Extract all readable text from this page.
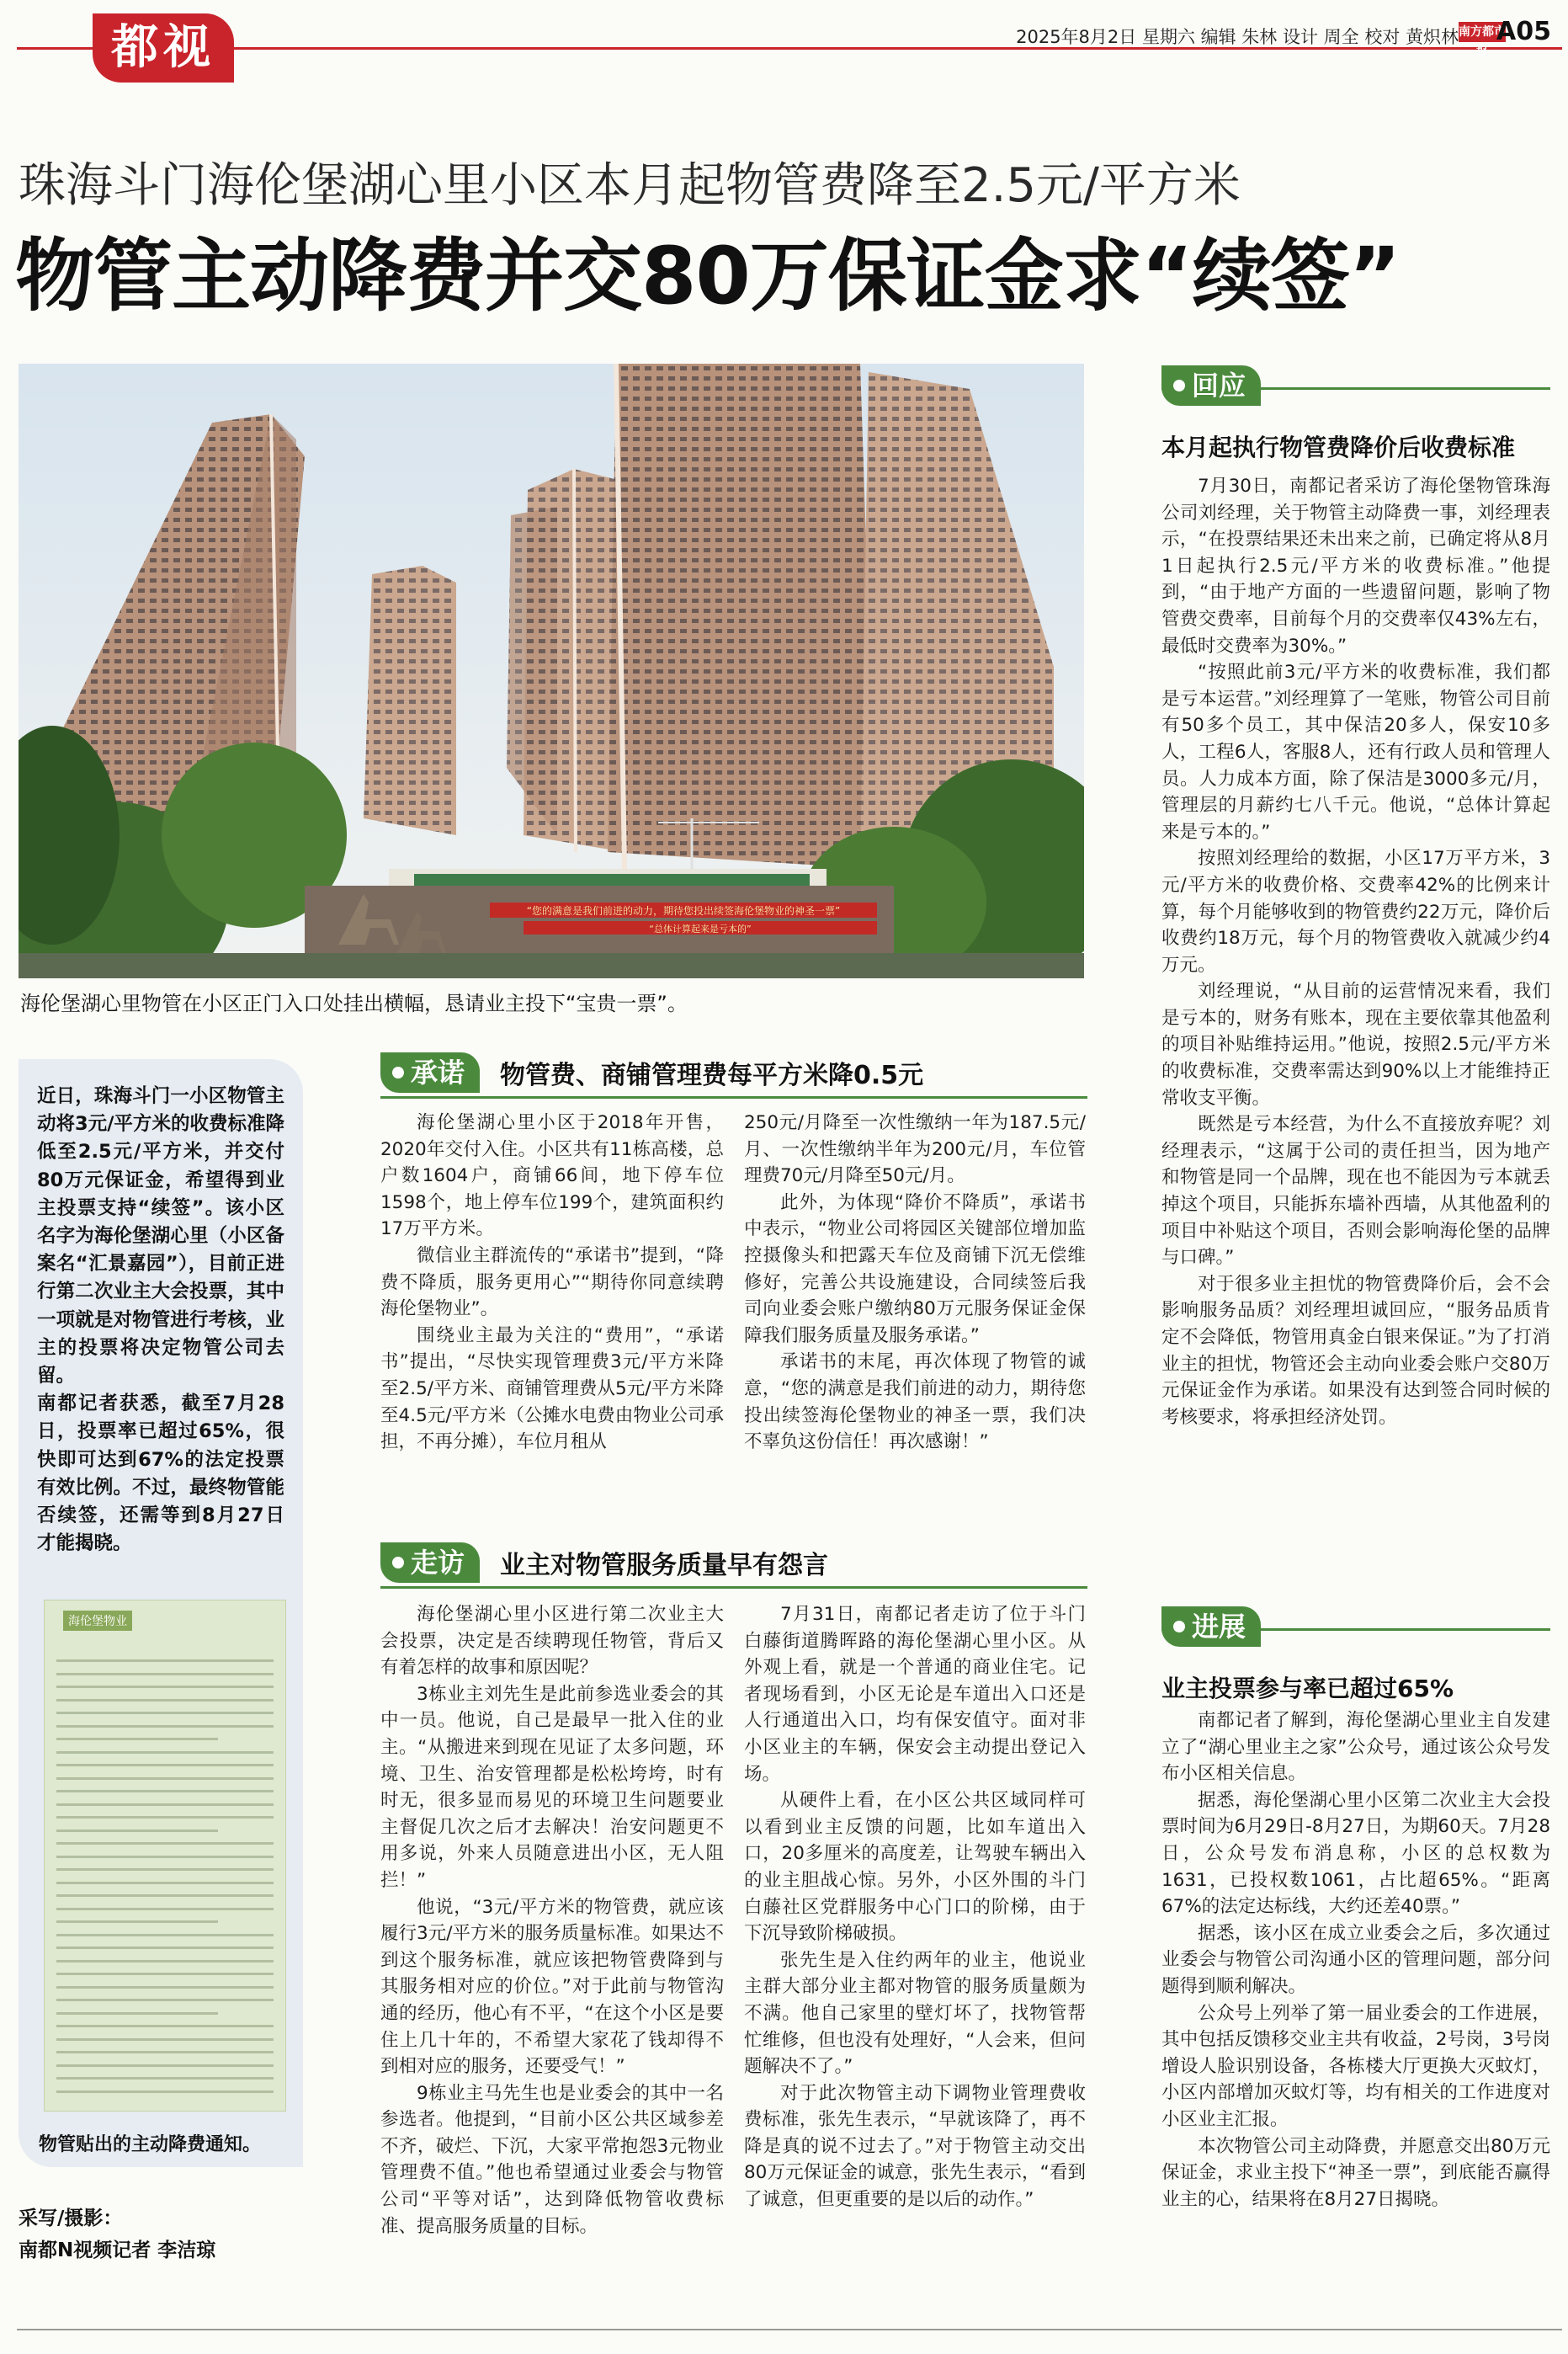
都视	2025年8月2日 星期六 编辑 朱林 设计 周全 校对 黄炽林 南方都市报
A05
珠海斗门海伦堡湖心里小区本月起物管费降至2.5元/平方米
物管主动降费并交80万保证金求“续签”
“您的满意是我们前进的动力，期待您投出续签海伦堡物业的神圣一票”
“总体计算起来是亏本的”
海伦堡湖心里物管在小区正门入口处挂出横幅，恳请业主投下“宝贵一票”。

近日，珠海斗门一小区物管主动将3元/平方米的收费标准降低至2.5元/平方米，并交付80万元保证金，希望得到业主投票支持“续签”。该小区名字为海伦堡湖心里（小区备案名“汇景嘉园”），目前正进行第二次业主大会投票，其中一项就是对物管进行考核，业主的投票将决定物管公司去留。

南都记者获悉，截至7月28日，投票率已超过65%，很快即可达到67%的法定投票有效比例。不过，最终物管能否续签，还需等到8月27日才能揭晓。

海伦堡物业
物管贴出的主动降费通知。
采写/摄影：
南都N视频记者 李洁琼
承诺	物管费、商铺管理费每平方米降0.5元

海伦堡湖心里小区于2018年开售，2020年交付入住。小区共有11栋高楼，总户数1604户，商铺66间，地下停车位1598个，地上停车位199个，建筑面积约17万平方米。

微信业主群流传的“承诺书”提到，“降费不降质，服务更用心”“期待你同意续聘海伦堡物业”。

围绕业主最为关注的“费用”，“承诺书”提出，“尽快实现管理费3元/平方米降至2.5/平方米、商铺管理费从5元/平方米降至4.5元/平方米（公摊水电费由物业公司承担，不再分摊），车位月租从

250元/月降至一次性缴纳一年为187.5元/月、一次性缴纳半年为200元/月，车位管理费70元/月降至50元/月。

此外，为体现“降价不降质”，承诺书中表示，“物业公司将园区关键部位增加监控摄像头和把露天车位及商铺下沉无偿维修好，完善公共设施建设，合同续签后我司向业委会账户缴纳80万元服务保证金保障我们服务质量及服务承诺。”

承诺书的末尾，再次体现了物管的诚意，“您的满意是我们前进的动力，期待您投出续签海伦堡物业的神圣一票，我们决不辜负这份信任！再次感谢！”

走访	业主对物管服务质量早有怨言

海伦堡湖心里小区进行第二次业主大会投票，决定是否续聘现任物管，背后又有着怎样的故事和原因呢？

3栋业主刘先生是此前参选业委会的其中一员。他说，自己是最早一批入住的业主。“从搬进来到现在见证了太多问题，环境、卫生、治安管理都是松松垮垮，时有时无，很多显而易见的环境卫生问题要业主督促几次之后才去解决！治安问题更不用多说，外来人员随意进出小区，无人阻拦！”

他说，“3元/平方米的物管费，就应该履行3元/平方米的服务质量标准。如果达不到这个服务标准，就应该把物管费降到与其服务相对应的价位。”对于此前与物管沟通的经历，他心有不平，“在这个小区是要住上几十年的，不希望大家花了钱却得不到相对应的服务，还要受气！”

9栋业主马先生也是业委会的其中一名参选者。他提到，“目前小区公共区域参差不齐，破烂、下沉，大家平常抱怨3元物业管理费不值。”他也希望通过业委会与物管公司“平等对话”，达到降低物管收费标准、提高服务质量的目标。

7月31日，南都记者走访了位于斗门白藤街道腾晖路的海伦堡湖心里小区。从外观上看，就是一个普通的商业住宅。记者现场看到，小区无论是车道出入口还是人行通道出入口，均有保安值守。面对非小区业主的车辆，保安会主动提出登记入场。

从硬件上看，在小区公共区域同样可以看到业主反馈的问题，比如车道出入口，20多厘米的高度差，让驾驶车辆出入的业主胆战心惊。另外，小区外围的斗门白藤社区党群服务中心门口的阶梯，由于下沉导致阶梯破损。

张先生是入住约两年的业主，他说业主群大部分业主都对物管的服务质量颇为不满。他自己家里的壁灯坏了，找物管帮忙维修，但也没有处理好，“人会来，但问题解决不了。”

对于此次物管主动下调物业管理费收费标准，张先生表示，“早就该降了，再不降是真的说不过去了。”对于物管主动交出80万元保证金的诚意，张先生表示，“看到了诚意，但更重要的是以后的动作。”

回应
本月起执行物管费降价后收费标准

7月30日，南都记者采访了海伦堡物管珠海公司刘经理，关于物管主动降费一事，刘经理表示，“在投票结果还未出来之前，已确定将从8月1日起执行2.5元/平方米的收费标准。”他提到，“由于地产方面的一些遗留问题，影响了物管费交费率，目前每个月的交费率仅43%左右，最低时交费率为30%。”

“按照此前3元/平方米的收费标准，我们都是亏本运营。”刘经理算了一笔账，物管公司目前有50多个员工，其中保洁20多人，保安10多人，工程6人，客服8人，还有行政人员和管理人员。人力成本方面，除了保洁是3000多元/月，管理层的月薪约七八千元。他说，“总体计算起来是亏本的。”

按照刘经理给的数据，小区17万平方米，3元/平方米的收费价格、交费率42%的比例来计算，每个月能够收到的物管费约22万元，降价后收费约18万元，每个月的物管费收入就减少约4万元。

刘经理说，“从目前的运营情况来看，我们是亏本的，财务有账本，现在主要依靠其他盈利的项目补贴维持运用。”他说，按照2.5元/平方米的收费标准，交费率需达到90%以上才能维持正常收支平衡。

既然是亏本经营，为什么不直接放弃呢？刘经理表示，“这属于公司的责任担当，因为地产和物管是同一个品牌，现在也不能因为亏本就丢掉这个项目，只能拆东墙补西墙，从其他盈利的项目中补贴这个项目，否则会影响海伦堡的品牌与口碑。”

对于很多业主担忧的物管费降价后，会不会影响服务品质？刘经理坦诚回应，“服务品质肯定不会降低，物管用真金白银来保证。”为了打消业主的担忧，物管还会主动向业委会账户交80万元保证金作为承诺。如果没有达到签合同时候的考核要求，将承担经济处罚。

进展
业主投票参与率已超过65%

南都记者了解到，海伦堡湖心里业主自发建立了“湖心里业主之家”公众号，通过该公众号发布小区相关信息。

据悉，海伦堡湖心里小区第二次业主大会投票时间为6月29日-8月27日，为期60天。7月28日，公众号发布消息称，小区的总权数为1631，已投权数1061，占比超65%。“距离67%的法定达标线，大约还差40票。”

据悉，该小区在成立业委会之后，多次通过业委会与物管公司沟通小区的管理问题，部分问题得到顺利解决。

公众号上列举了第一届业委会的工作进展，其中包括反馈移交业主共有收益，2号岗，3号岗增设人脸识别设备，各栋楼大厅更换大灭蚊灯，小区内部增加灭蚊灯等，均有相关的工作进度对小区业主汇报。

本次物管公司主动降费，并愿意交出80万元保证金，求业主投下“神圣一票”，到底能否赢得业主的心，结果将在8月27日揭晓。
